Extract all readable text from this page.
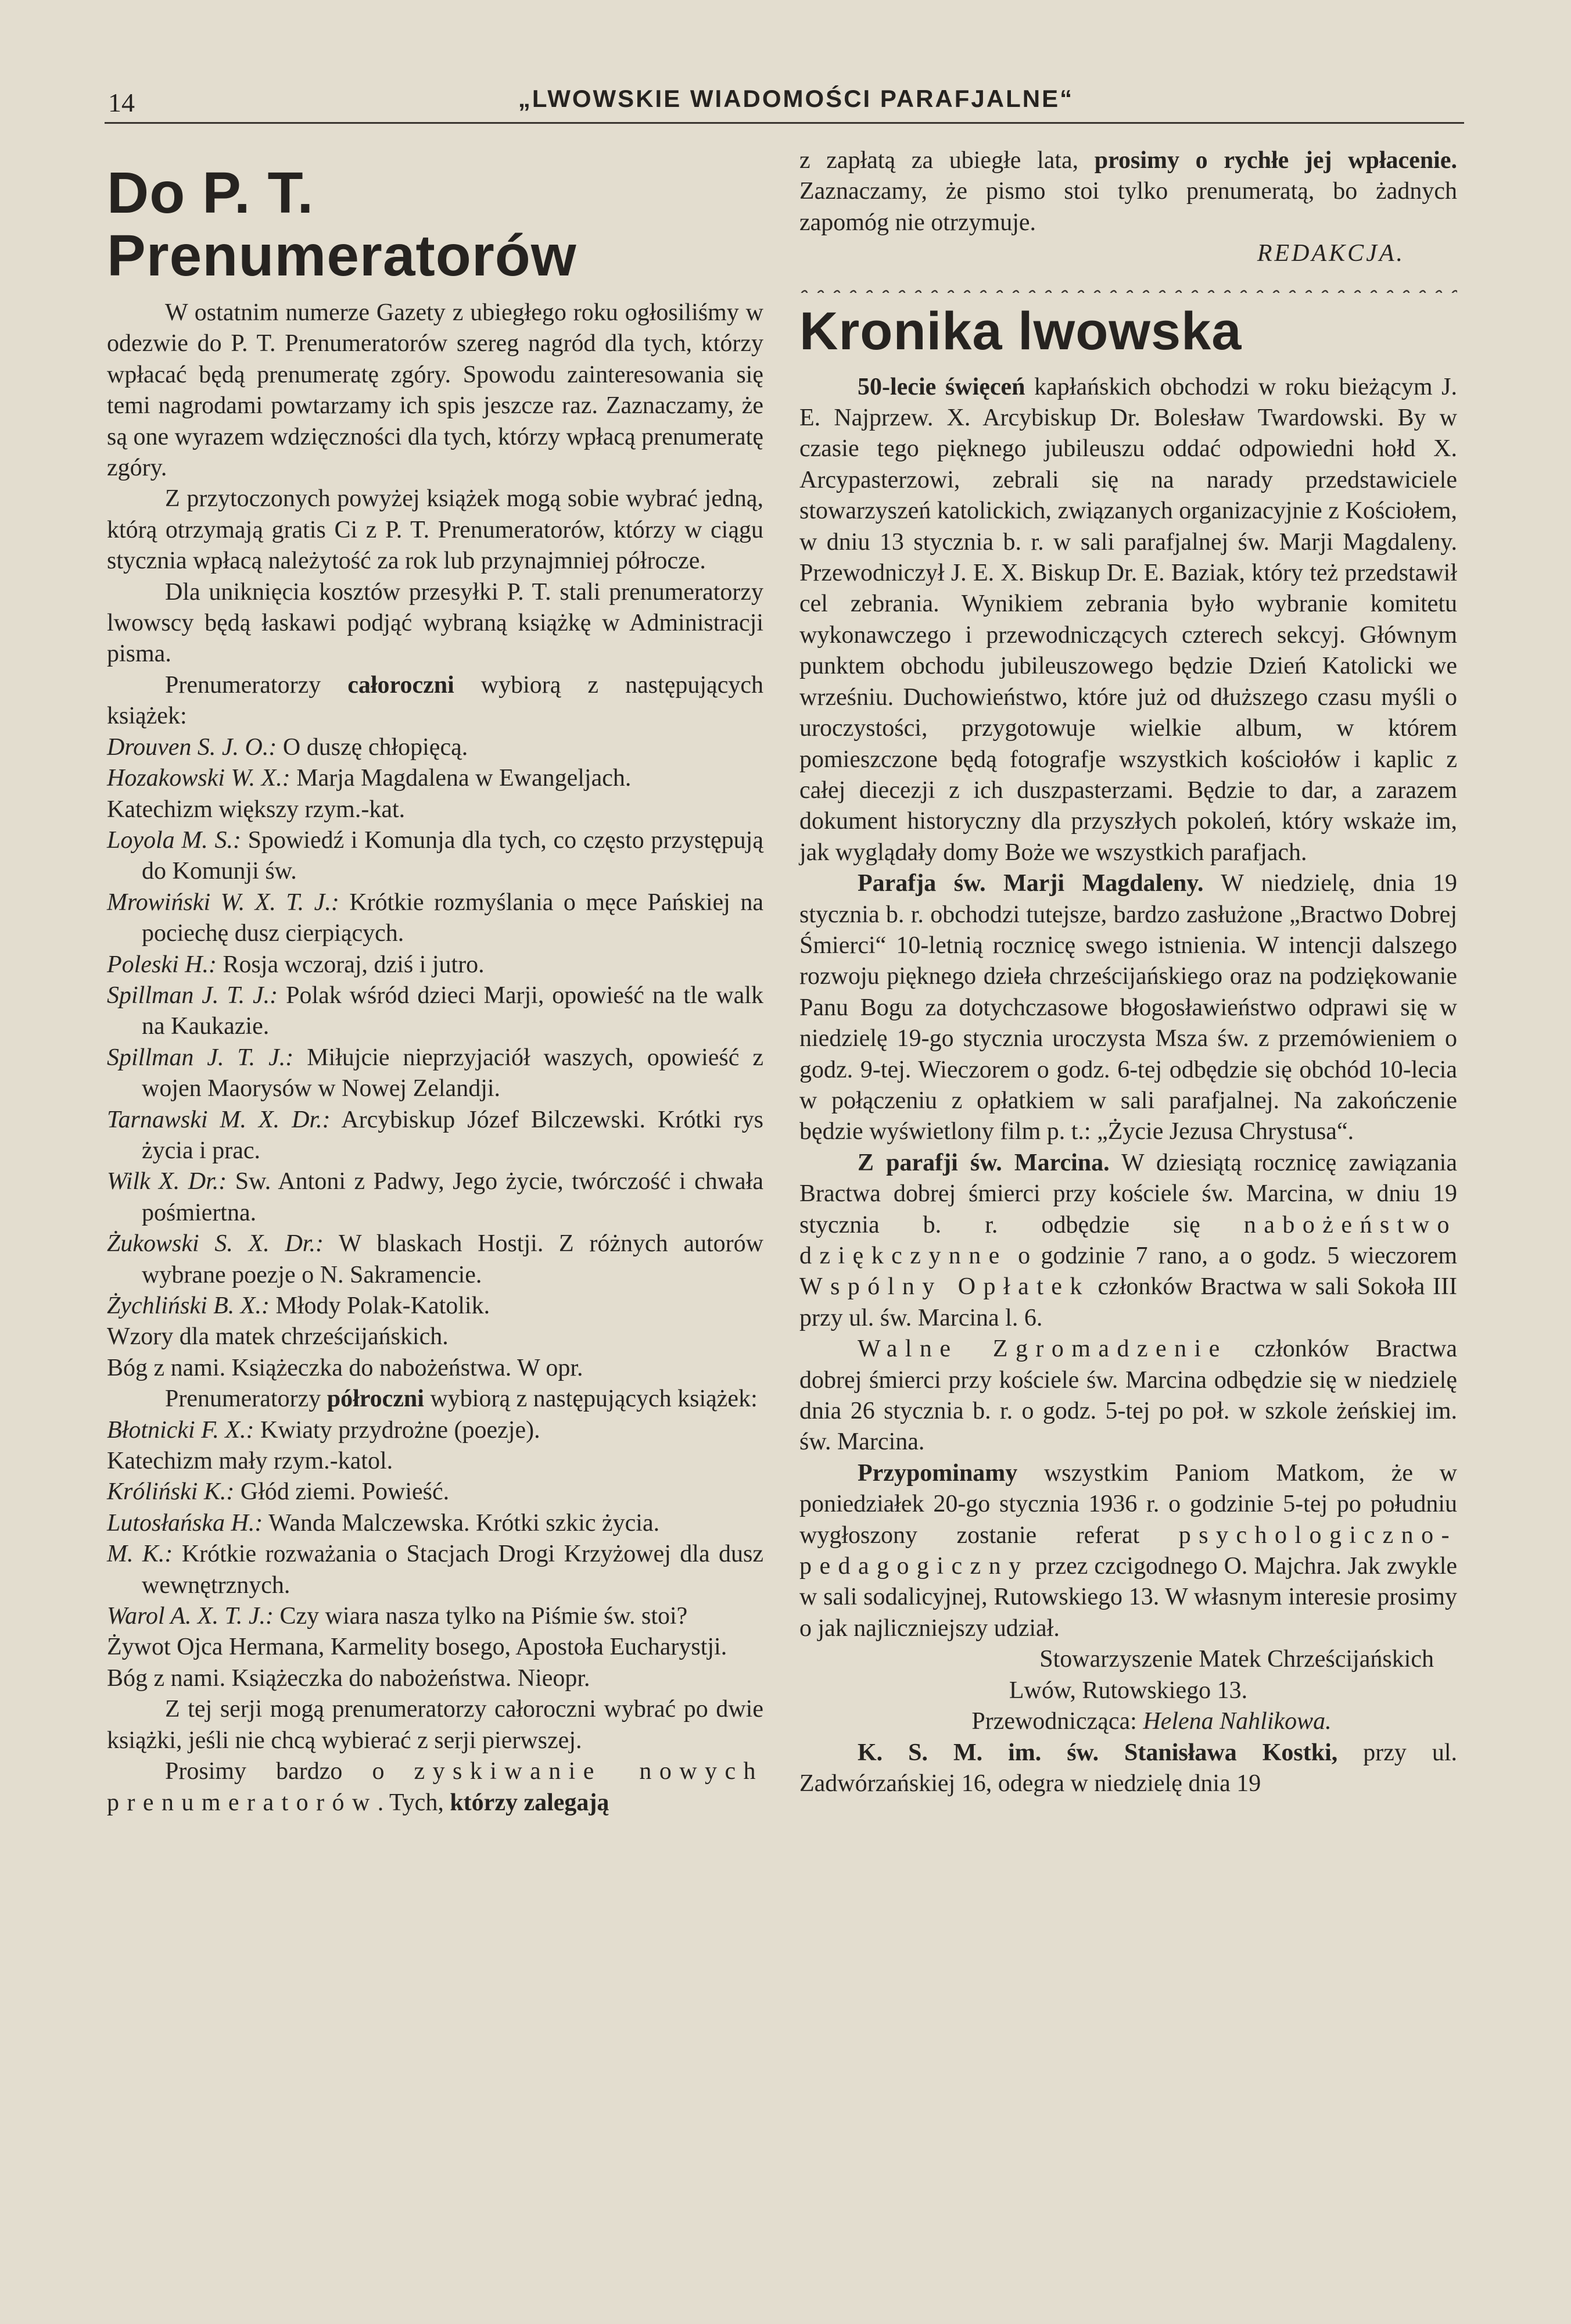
14	„LWOWSKIE WIADOMOŚCI PARAFJALNE“
Do P. T. Prenumeratorów

W ostatnim numerze Gazety z ubiegłego roku ogłosiliśmy w odezwie do P. T. Prenumeratorów szereg nagród dla tych, którzy wpłacać będą prenumeratę zgóry. Spowodu zainteresowania się temi nagrodami powtarzamy ich spis jeszcze raz. Zaznaczamy, że są one wyrazem wdzięczności dla tych, którzy wpłacą prenumeratę zgóry.

Z przytoczonych powyżej książek mogą sobie wybrać jedną, którą otrzymają gratis Ci z P. T. Prenumeratorów, którzy w ciągu stycznia wpłacą należytość za rok lub przynajmniej półrocze.

Dla uniknięcia kosztów przesyłki P. T. stali prenumeratorzy lwowscy będą łaskawi podjąć wybraną książkę w Administracji pisma.

Prenumeratorzy całoroczni wybiorą z następujących książek:

Drouven S. J. O.: O duszę chłopięcą.

Hozakowski W. X.: Marja Magdalena w Ewangeljach.

Katechizm większy rzym.-kat.

Loyola M. S.: Spowiedź i Komunja dla tych, co często przystępują do Komunji św.

Mrowiński W. X. T. J.: Krótkie rozmyślania o męce Pańskiej na pociechę dusz cierpiących.

Poleski H.: Rosja wczoraj, dziś i jutro.

Spillman J. T. J.: Polak wśród dzieci Marji, opowieść na tle walk na Kaukazie.

Spillman J. T. J.: Miłujcie nieprzyjaciół waszych, opowieść z wojen Maorysów w Nowej Zelandji.

Tarnawski M. X. Dr.: Arcybiskup Józef Bilczewski. Krótki rys życia i prac.

Wilk X. Dr.: Sw. Antoni z Padwy, Jego życie, twórczość i chwała pośmiertna.

Żukowski S. X. Dr.: W blaskach Hostji. Z różnych autorów wybrane poezje o N. Sakramencie.

Żychliński B. X.: Młody Polak-Katolik.

Wzory dla matek chrześcijańskich.

Bóg z nami. Książeczka do nabożeństwa. W opr.

Prenumeratorzy półroczni wybiorą z następujących książek:

Błotnicki F. X.: Kwiaty przydrożne (poezje).

Katechizm mały rzym.-katol.

Króliński K.: Głód ziemi. Powieść.

Lutosłańska H.: Wanda Malczewska. Krótki szkic życia.

M. K.: Krótkie rozważania o Stacjach Drogi Krzyżowej dla dusz wewnętrznych.

Warol A. X. T. J.: Czy wiara nasza tylko na Piśmie św. stoi?

Żywot Ojca Hermana, Karmelity bosego, Apostoła Eucharystji.

Bóg z nami. Książeczka do nabożeństwa. Nieopr.

Z tej serji mogą prenumeratorzy całoroczni wybrać po dwie książki, jeśli nie chcą wybierać z serji pierwszej.

Prosimy bardzo o zyskiwanie nowych prenumeratorów. Tych, którzy zalegają

z zapłatą za ubiegłe lata, prosimy o rychłe jej wpłacenie. Zaznaczamy, że pismo stoi tylko prenumeratą, bo żadnych zapomóg nie otrzymuje.

REDAKCJA.

Kronika lwowska

50-lecie święceń kapłańskich obchodzi w roku bieżącym J. E. Najprzew. X. Arcybiskup Dr. Bolesław Twardowski. By w czasie tego pięknego jubileuszu oddać odpowiedni hołd X. Arcypasterzowi, zebrali się na narady przedstawiciele stowarzyszeń katolickich, związanych organizacyjnie z Kościołem, w dniu 13 stycznia b. r. w sali parafjalnej św. Marji Magdaleny. Przewodniczył J. E. X. Biskup Dr. E. Baziak, który też przedstawił cel zebrania. Wynikiem zebrania było wybranie komitetu wykonawczego i przewodniczących czterech sekcyj. Głównym punktem obchodu jubileuszowego będzie Dzień Katolicki we wrześniu. Duchowieństwo, które już od dłuższego czasu myśli o uroczystości, przygotowuje wielkie album, w którem pomieszczone będą fotografje wszystkich kościołów i kaplic z całej diecezji z ich duszpasterzami. Będzie to dar, a zarazem dokument historyczny dla przyszłych pokoleń, który wskaże im, jak wyglądały domy Boże we wszystkich parafjach.

Parafja św. Marji Magdaleny. W niedzielę, dnia 19 stycznia b. r. obchodzi tutejsze, bardzo zasłużone „Bractwo Dobrej Śmierci“ 10-letnią rocznicę swego istnienia. W intencji dalszego rozwoju pięknego dzieła chrześcijańskiego oraz na podziękowanie Panu Bogu za dotychczasowe błogosławieństwo odprawi się w niedzielę 19-go stycznia uroczysta Msza św. z przemówieniem o godz. 9-tej. Wieczorem o godz. 6-tej odbędzie się obchód 10-lecia w połączeniu z opłatkiem w sali parafjalnej. Na zakończenie będzie wyświetlony film p. t.: „Życie Jezusa Chrystusa“.

Z parafji św. Marcina. W dziesiątą rocznicę zawiązania Bractwa dobrej śmierci przy kościele św. Marcina, w dniu 19 stycznia b. r. odbędzie się nabożeństwo dziękczynne o godzinie 7 rano, a o godz. 5 wieczorem Wspólny Opłatek członków Bractwa w sali Sokoła III przy ul. św. Marcina l. 6.

Walne Zgromadzenie członków Bractwa dobrej śmierci przy kościele św. Marcina odbędzie się w niedzielę dnia 26 stycznia b. r. o godz. 5-tej po poł. w szkole żeńskiej im. św. Marcina.

Przypominamy wszystkim Paniom Matkom, że w poniedziałek 20-go stycznia 1936 r. o godzinie 5-tej po południu wygłoszony zostanie referat psychologiczno-pedagogiczny przez czcigodnego O. Majchra. Jak zwykle w sali sodalicyjnej, Rutowskiego 13. W własnym interesie prosimy o jak najliczniejszy udział.

Stowarzyszenie Matek Chrześcijańskich

Lwów, Rutowskiego 13.

Przewodnicząca: Helena Nahlikowa.

K. S. M. im. św. Stanisława Kostki, przy ul. Zadwórzańskiej 16, odegra w niedzielę dnia 19
